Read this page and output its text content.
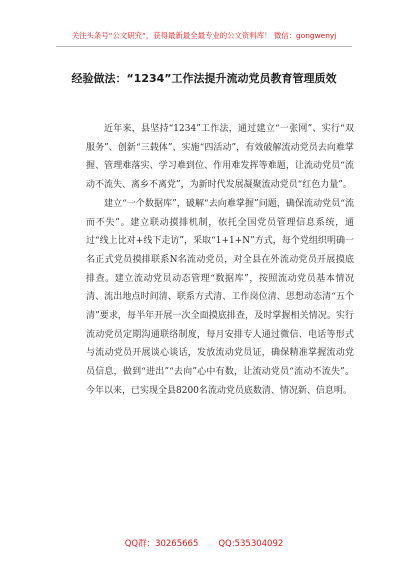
关注头条号“公文研究”，获得最新最全最专业的公文资料库！ 微信：gongwenyj
经验做法：“1234”工作法提升流动党员教育管理质效

近年来，县坚持“1234”工作法，通过建立“一张网”、实行“双服务”、创新“三载体”、实施“四活动”，有效破解流动党员去向难掌握、管理难落实、学习难到位、作用难发挥等难题，让流动党员“流动不流失、离乡不离党”，为新时代发展凝聚流动党员“红色力量”。

建立“一个数据库”，破解“去向难掌握”问题，确保流动党员“流而不失”。建立联动摸排机制，依托全国党员管理信息系统，通过“线上比对+线下走访”，采取“1+1+N”方式，每个党组织明确一名正式党员摸排联系N名流动党员，对全县在外流动党员开展摸底排查。建立流动党员动态管理“数据库”，按照流动党员基本情况清、流出地点时间清、联系方式清、工作岗位清、思想动态清“五个清”要求，每半年开展一次全面摸底排查，及时掌握相关情况。实行流动党员定期沟通联络制度，每月安排专人通过微信、电话等形式与流动党员开展谈心谈话，发放流动党员证，确保精准掌握流动党员信息，做到“进出”“去向”心中有数，让流动党员“流动不流失”。今年以来，已实现全县8200名流动党员底数清、情况新、信息明。

QQ群：30265665 QQ:535304092
